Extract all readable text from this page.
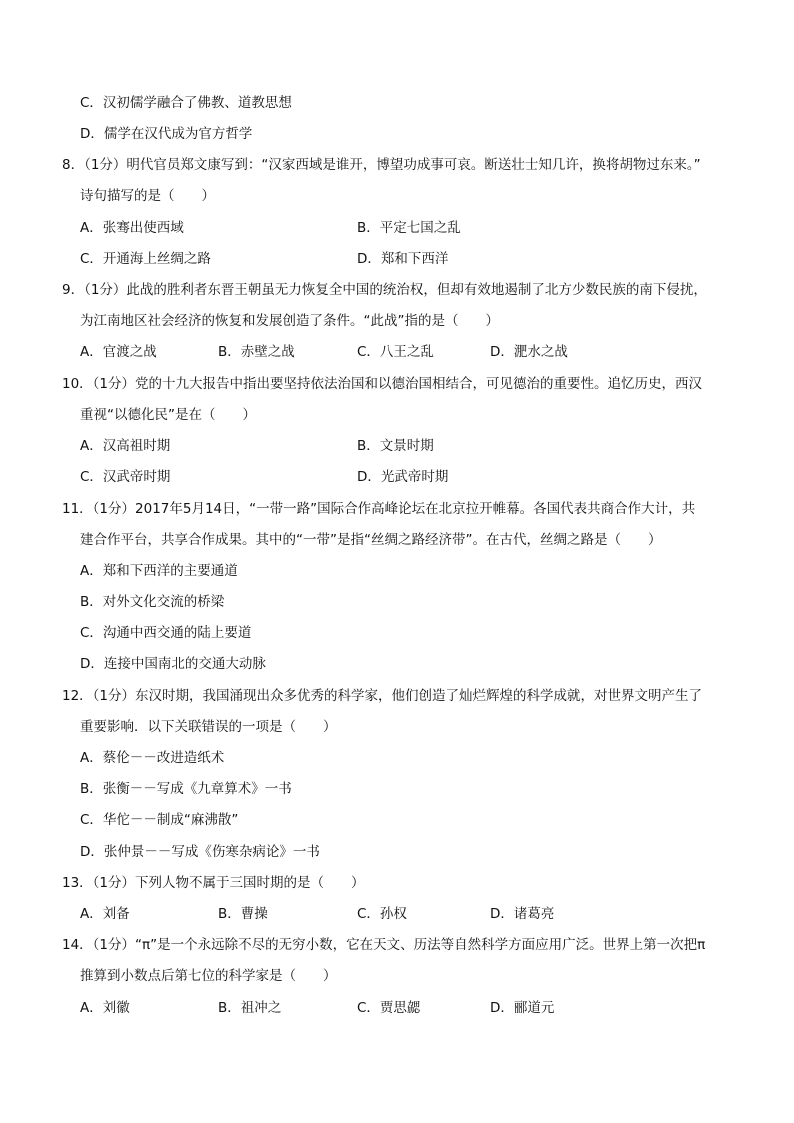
C．汉初儒学融合了佛教、道教思想
D．儒学在汉代成为官方哲学
8．（1分）明代官员郑文康写到：“汉家西域是谁开，博望功成事可哀。断送壮士知几许，换将胡物过东来。”
诗句描写的是（　　）
A．张骞出使西域	B．平定七国之乱
C．开通海上丝绸之路	D．郑和下西洋
9．（1分）此战的胜利者东晋王朝虽无力恢复全中国的统治权，但却有效地遏制了北方少数民族的南下侵扰，
为江南地区社会经济的恢复和发展创造了条件。“此战”指的是（　　）
A．官渡之战	B．赤壁之战	C．八王之乱	D．淝水之战
10．（1分）党的十九大报告中指出要坚持依法治国和以德治国相结合，可见德治的重要性。追忆历史，西汉
重视“以德化民”是在（　　）
A．汉高祖时期	B．文景时期
C．汉武帝时期	D．光武帝时期
11．（1分）2017年5月14日，“一带一路”国际合作高峰论坛在北京拉开帷幕。各国代表共商合作大计，共
建合作平台，共享合作成果。其中的“一带”是指“丝绸之路经济带”。在古代，丝绸之路是（　　）
A．郑和下西洋的主要通道
B．对外文化交流的桥梁
C．沟通中西交通的陆上要道
D．连接中国南北的交通大动脉
12．（1分）东汉时期，我国涌现出众多优秀的科学家，他们创造了灿烂辉煌的科学成就，对世界文明产生了
重要影响．以下关联错误的一项是（　　）
A．蔡伦－－改进造纸术
B．张衡－－写成《九章算术》一书
C．华佗－－制成“麻沸散”
D．张仲景－－写成《伤寒杂病论》一书
13．（1分）下列人物不属于三国时期的是（　　）
A．刘备	B．曹操	C．孙权	D．诸葛亮
14．（1分）“π”是一个永远除不尽的无穷小数，它在天文、历法等自然科学方面应用广泛。世界上第一次把π
推算到小数点后第七位的科学家是（　　）
A．刘徽	B．祖冲之	C．贾思勰	D．郦道元
